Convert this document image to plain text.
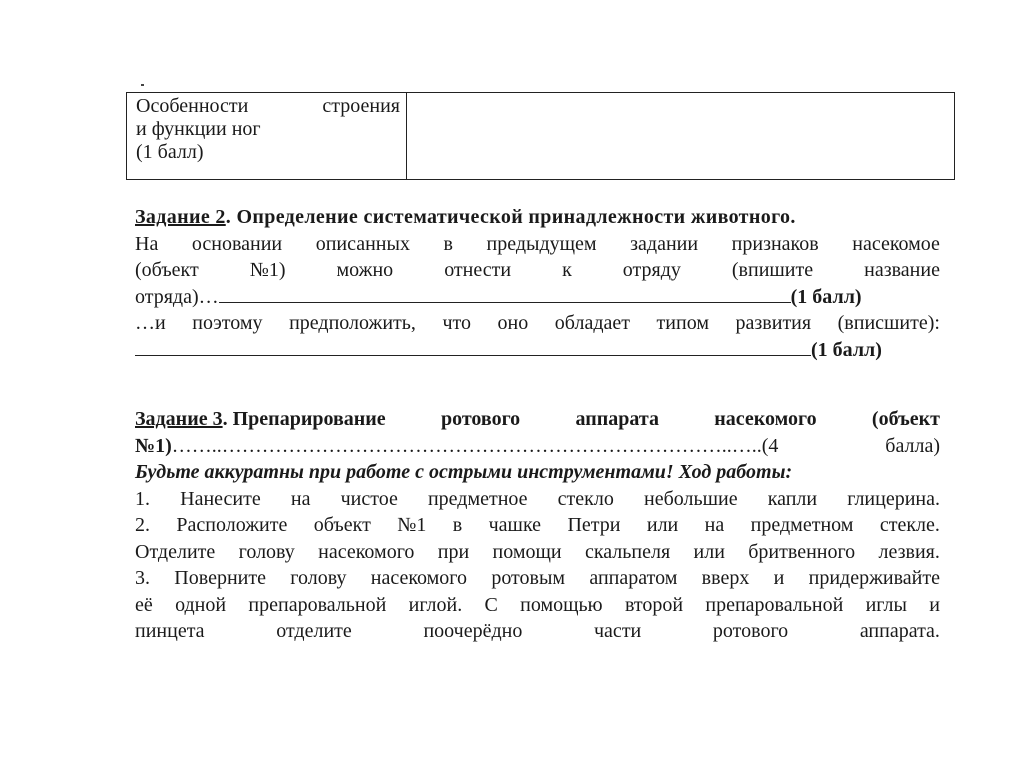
Особенности строения
и функции ног
(1 балл)

Задание 2. Определение систематической принадлежности животного.
На основании описанных в предыдущем задании признаков насекомое
(объект	№1)	можно	отнести	к	отряду	(впишите	название
отряда)…	(1 балл)
…и поэтому предположить, что оно обладает типом развития (вписшите):
(1 балл)
Задание 3. Препарирование	ротового	аппарата	насекомого	(объект
№1)……..…………………………………………………………………..…..(4	балла)
Будьте аккуратны при работе с острыми инструментами! Ход работы:
1. Нанесите на чистое предметное стекло небольшие капли глицерина.
2. Расположите объект №1 в чашке Петри или на предметном стекле.
Отделите голову насекомого при помощи скальпеля или бритвенного лезвия.
3. Поверните голову насекомого ротовым аппаратом вверх и придерживайте
её одной препаровальной иглой. С помощью второй препаровальной иглы и
пинцета	отделите	поочерёдно	части	ротового	аппарата.
